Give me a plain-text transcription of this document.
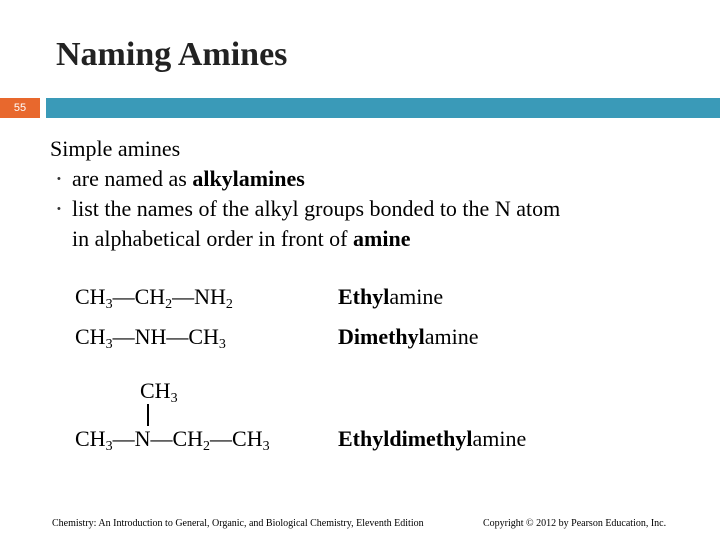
Naming Amines
55
Simple amines
• are named as alkylamines
• list the names of the alkyl groups bonded to the N atom
in alphabetical order in front of amine
$CH_3—CH_2—NH_2$	Ethylamine
$CH_3—NH—CH_3$	Dimethylamine
$CH_3$
$CH_3—N—CH_2—CH_3$	Ethyldimethylamine
Chemistry: An Introduction to General, Organic, and Biological Chemistry, Eleventh Edition	Copyright © 2012 by Pearson Education, Inc.
